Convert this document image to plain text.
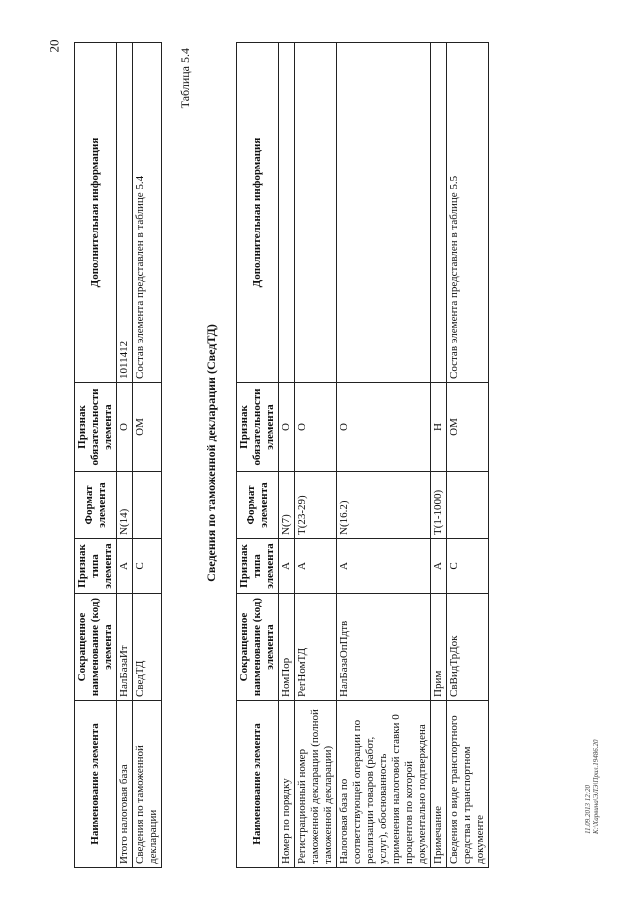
20
Наименование элемента	Сокращенное наименование (код) элемента	Признак типа элемента	Формат элемента	Признак обязательности элемента	Дополнительная информация
Итого налоговая база	НалБазаИт	А	N(14)	О	1011412
Сведения по таможенной декларации	СведТД	С		ОМ	Состав элемента представлен в таблице 5.4
Таблица 5.4
Сведения по таможенной декларации (СведТД)
Наименование элемента	Сокращенное наименование (код) элемента	Признак типа элемента	Формат элемента	Признак обязательности элемента	Дополнительная информация
Номер по порядку	НомПор	А	N(7)	О	
Регистрационный номер таможенной декларации (полной таможенной декларации)	РегНомТД	А	T(23-29)	О	
Налоговая база по соответствующей операции по реализации товаров (работ, услуг), обоснованность применения налоговой ставки 0 процентов по которой документально подтверждена	НалБазаОпПдтв	А	N(16.2)	О	
Примечание	Прим	А	T(1-1000)	Н	
Сведения о виде транспортного средства и транспортном документе	СвВидТрДок	С		ОМ	Состав элемента представлен в таблице 5.5
11.09.2013 12:20 К:\Харвина\ЭЛЭ\Прил.19486.20
